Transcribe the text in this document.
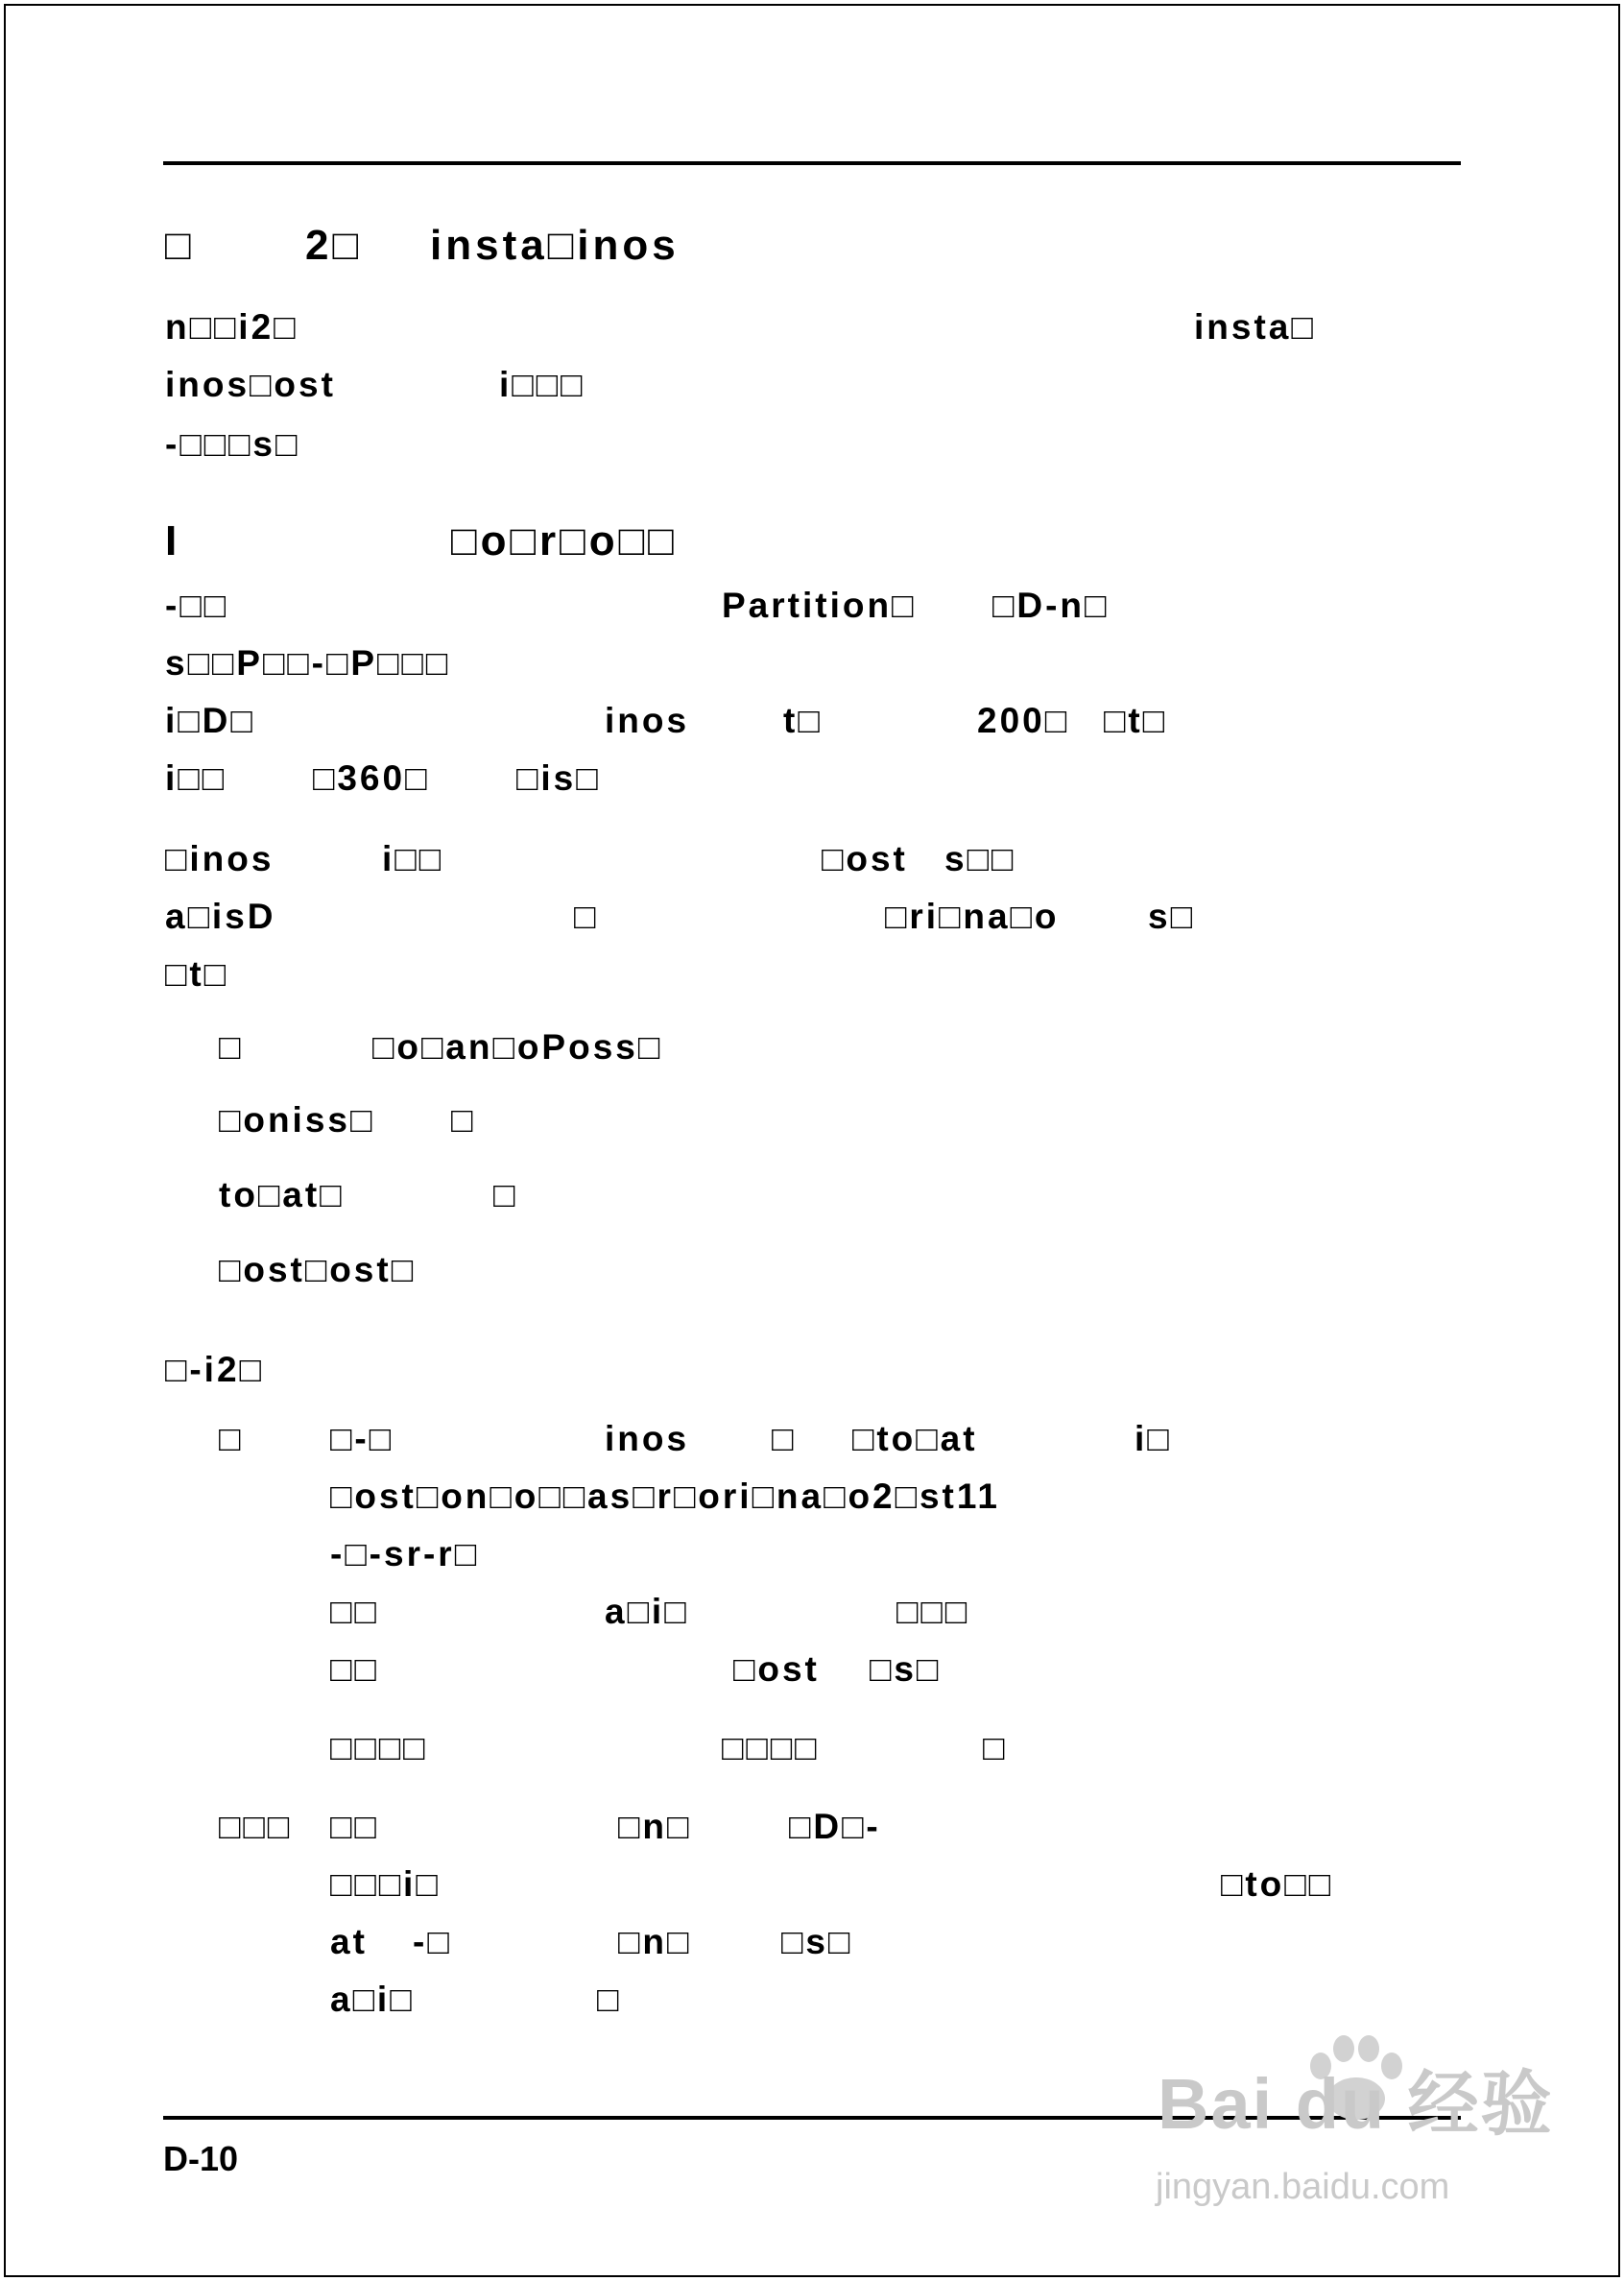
□	2□ insta□inos
n□□i2□	insta□
inos□ost	i□□□
-□□□s□
I	□o□r□o□□
-□□	Partition□ □D-n□
s□□P□□-□P□□□
i□D□	inos	t□	200□ □t□
i□□ □360□ □is□
□inos	i□□	□ost s□□
a□isD	□	□ri□na□o s□
□t□
□	□o□an□oPoss□
□oniss□ □
to□at□	□
□ost□ost□
□-i2□
□ □-□	inos □ □to□at	i□
□ost□on□o□□as□r□ori□na□o2□st11
-□-sr-r□
□□	a□i□	□□□
□□	□ost □s□
□□□□	□□□□	□
□□□ □□	□n□	□D□-
□□□i□	□to□□
at -□	□n□	□s□
a□i□	□
D-10
Bai du 经验
jingyan.baidu.com
